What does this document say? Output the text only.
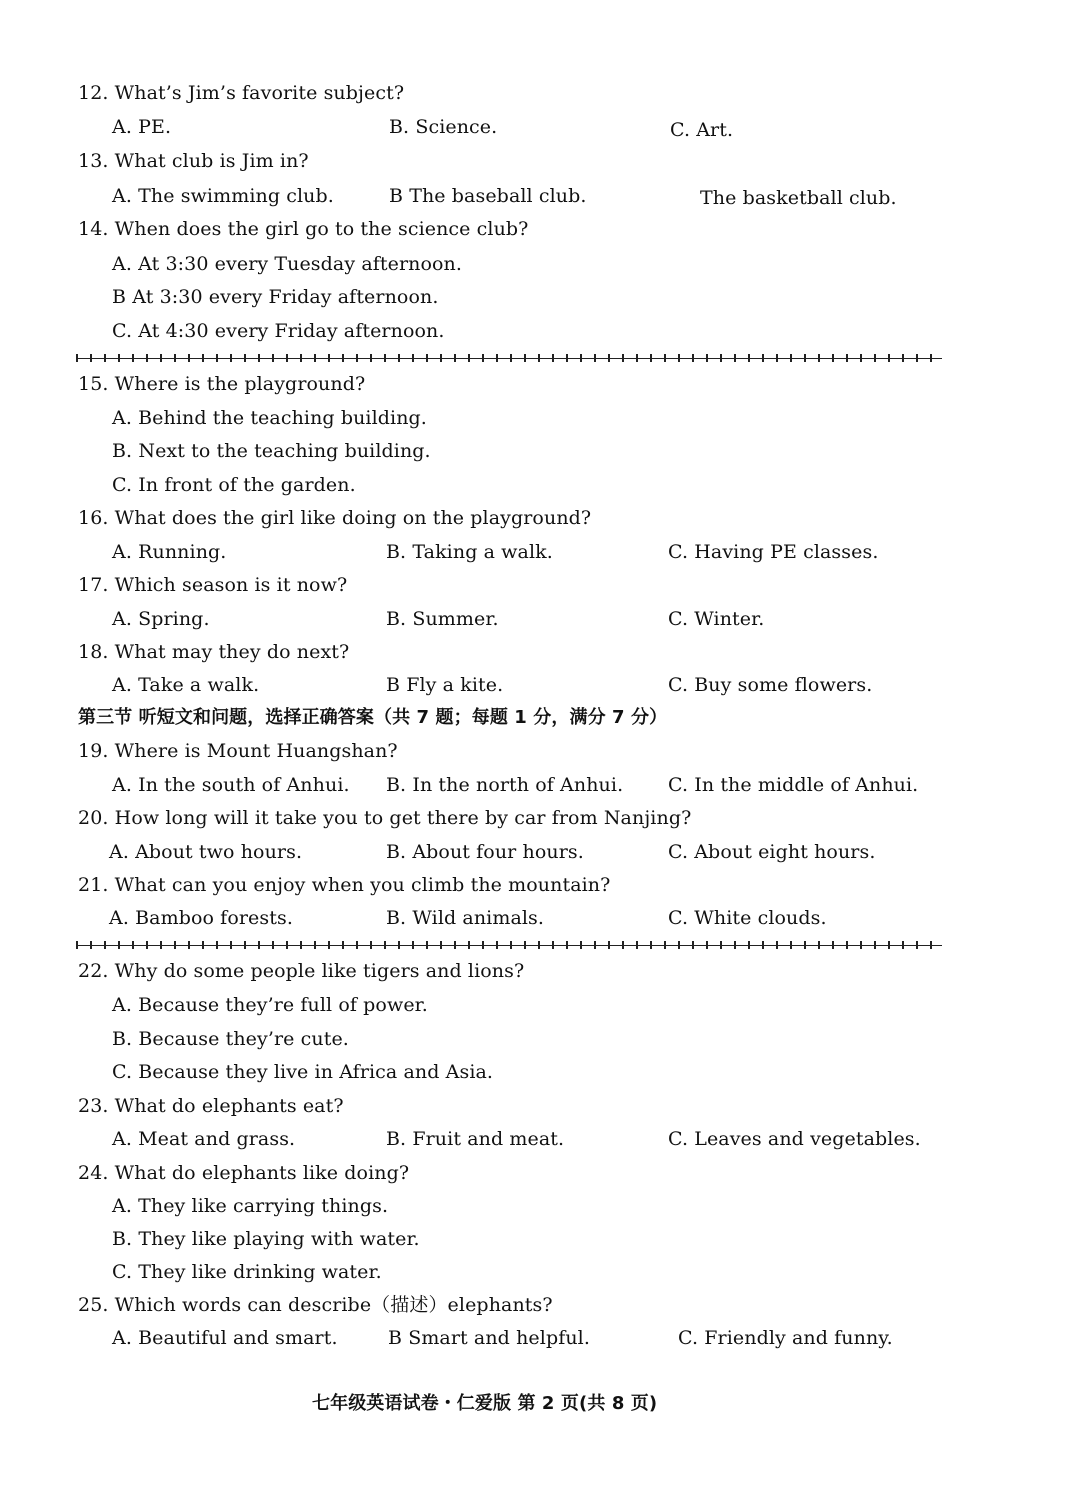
12. What’s Jim’s favorite subject?
A. PE.	B. Science.	C. Art.
13. What club is Jim in?
A. The swimming club.	B The baseball club.	The basketball club.
14. When does the girl go to the science club?
A. At 3:30 every Tuesday afternoon.
B At 3:30 every Friday afternoon.
C. At 4:30 every Friday afternoon.
15. Where is the playground?
A. Behind the teaching building.
B. Next to the teaching building.
C. In front of the garden.
16. What does the girl like doing on the playground?
A. Running.	B. Taking a walk.	C. Having PE classes.
17. Which season is it now?
A. Spring.	B. Summer.	C. Winter.
18. What may they do next?
A. Take a walk.	B Fly a kite.	C. Buy some flowers.
第三节 听短文和问题，选择正确答案（共 7 题；每题 1 分，满分 7 分）
19. Where is Mount Huangshan?
A. In the south of Anhui. B. In the north of Anhui. C. In the middle of Anhui.
20. How long will it take you to get there by car from Nanjing?
A. About two hours.	B. About four hours.	C. About eight hours.
21. What can you enjoy when you climb the mountain?
A. Bamboo forests.	B. Wild animals.	C. White clouds.
22. Why do some people like tigers and lions?
A. Because they’re full of power.
B. Because they’re cute.
C. Because they live in Africa and Asia.
23. What do elephants eat?
A. Meat and grass.	B. Fruit and meat.	C. Leaves and vegetables.
24. What do elephants like doing?
A. They like carrying things.
B. They like playing with water.
C. They like drinking water.
25. Which words can describe（描述）elephants?
A. Beautiful and smart.	B Smart and helpful.	C. Friendly and funny.
七年级英语试卷・仁爱版 第 2 页(共 8 页)
